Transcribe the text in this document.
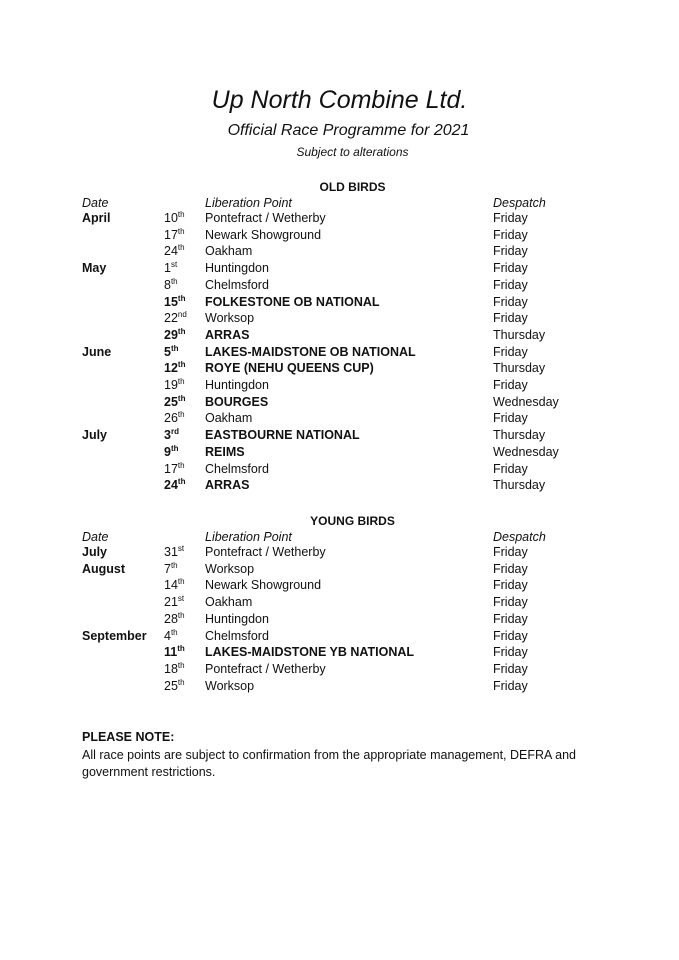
Up North Combine Ltd.
Official Race Programme for 2021
Subject to alterations
OLD BIRDS
Date	Liberation Point	Despatch
April	10th Pontefract / Wetherby	Friday
17th Newark Showground	Friday
24th Oakham	Friday
May	1st Huntingdon	Friday
8th Chelmsford	Friday
15th FOLKESTONE OB NATIONAL	Friday
22nd Worksop	Friday
29th ARRAS	Thursday
June	5th LAKES-MAIDSTONE OB NATIONAL	Friday
12th ROYE (NEHU QUEENS CUP)	Thursday
19th Huntingdon	Friday
25th BOURGES	Wednesday
26th Oakham	Friday
July	3rd EASTBOURNE NATIONAL	Thursday
9th REIMS	Wednesday
17th Chelmsford	Friday
24th ARRAS	Thursday
YOUNG BIRDS
Date	Liberation Point	Despatch
July	31st Pontefract / Wetherby	Friday
August	7th Worksop	Friday
14th Newark Showground	Friday
21st Oakham	Friday
28th Huntingdon	Friday
September 4th Chelmsford	Friday
11th LAKES-MAIDSTONE YB NATIONAL	Friday
18th Pontefract / Wetherby	Friday
25th Worksop	Friday
PLEASE NOTE:
All race points are subject to confirmation from the appropriate management, DEFRA and government restrictions.
